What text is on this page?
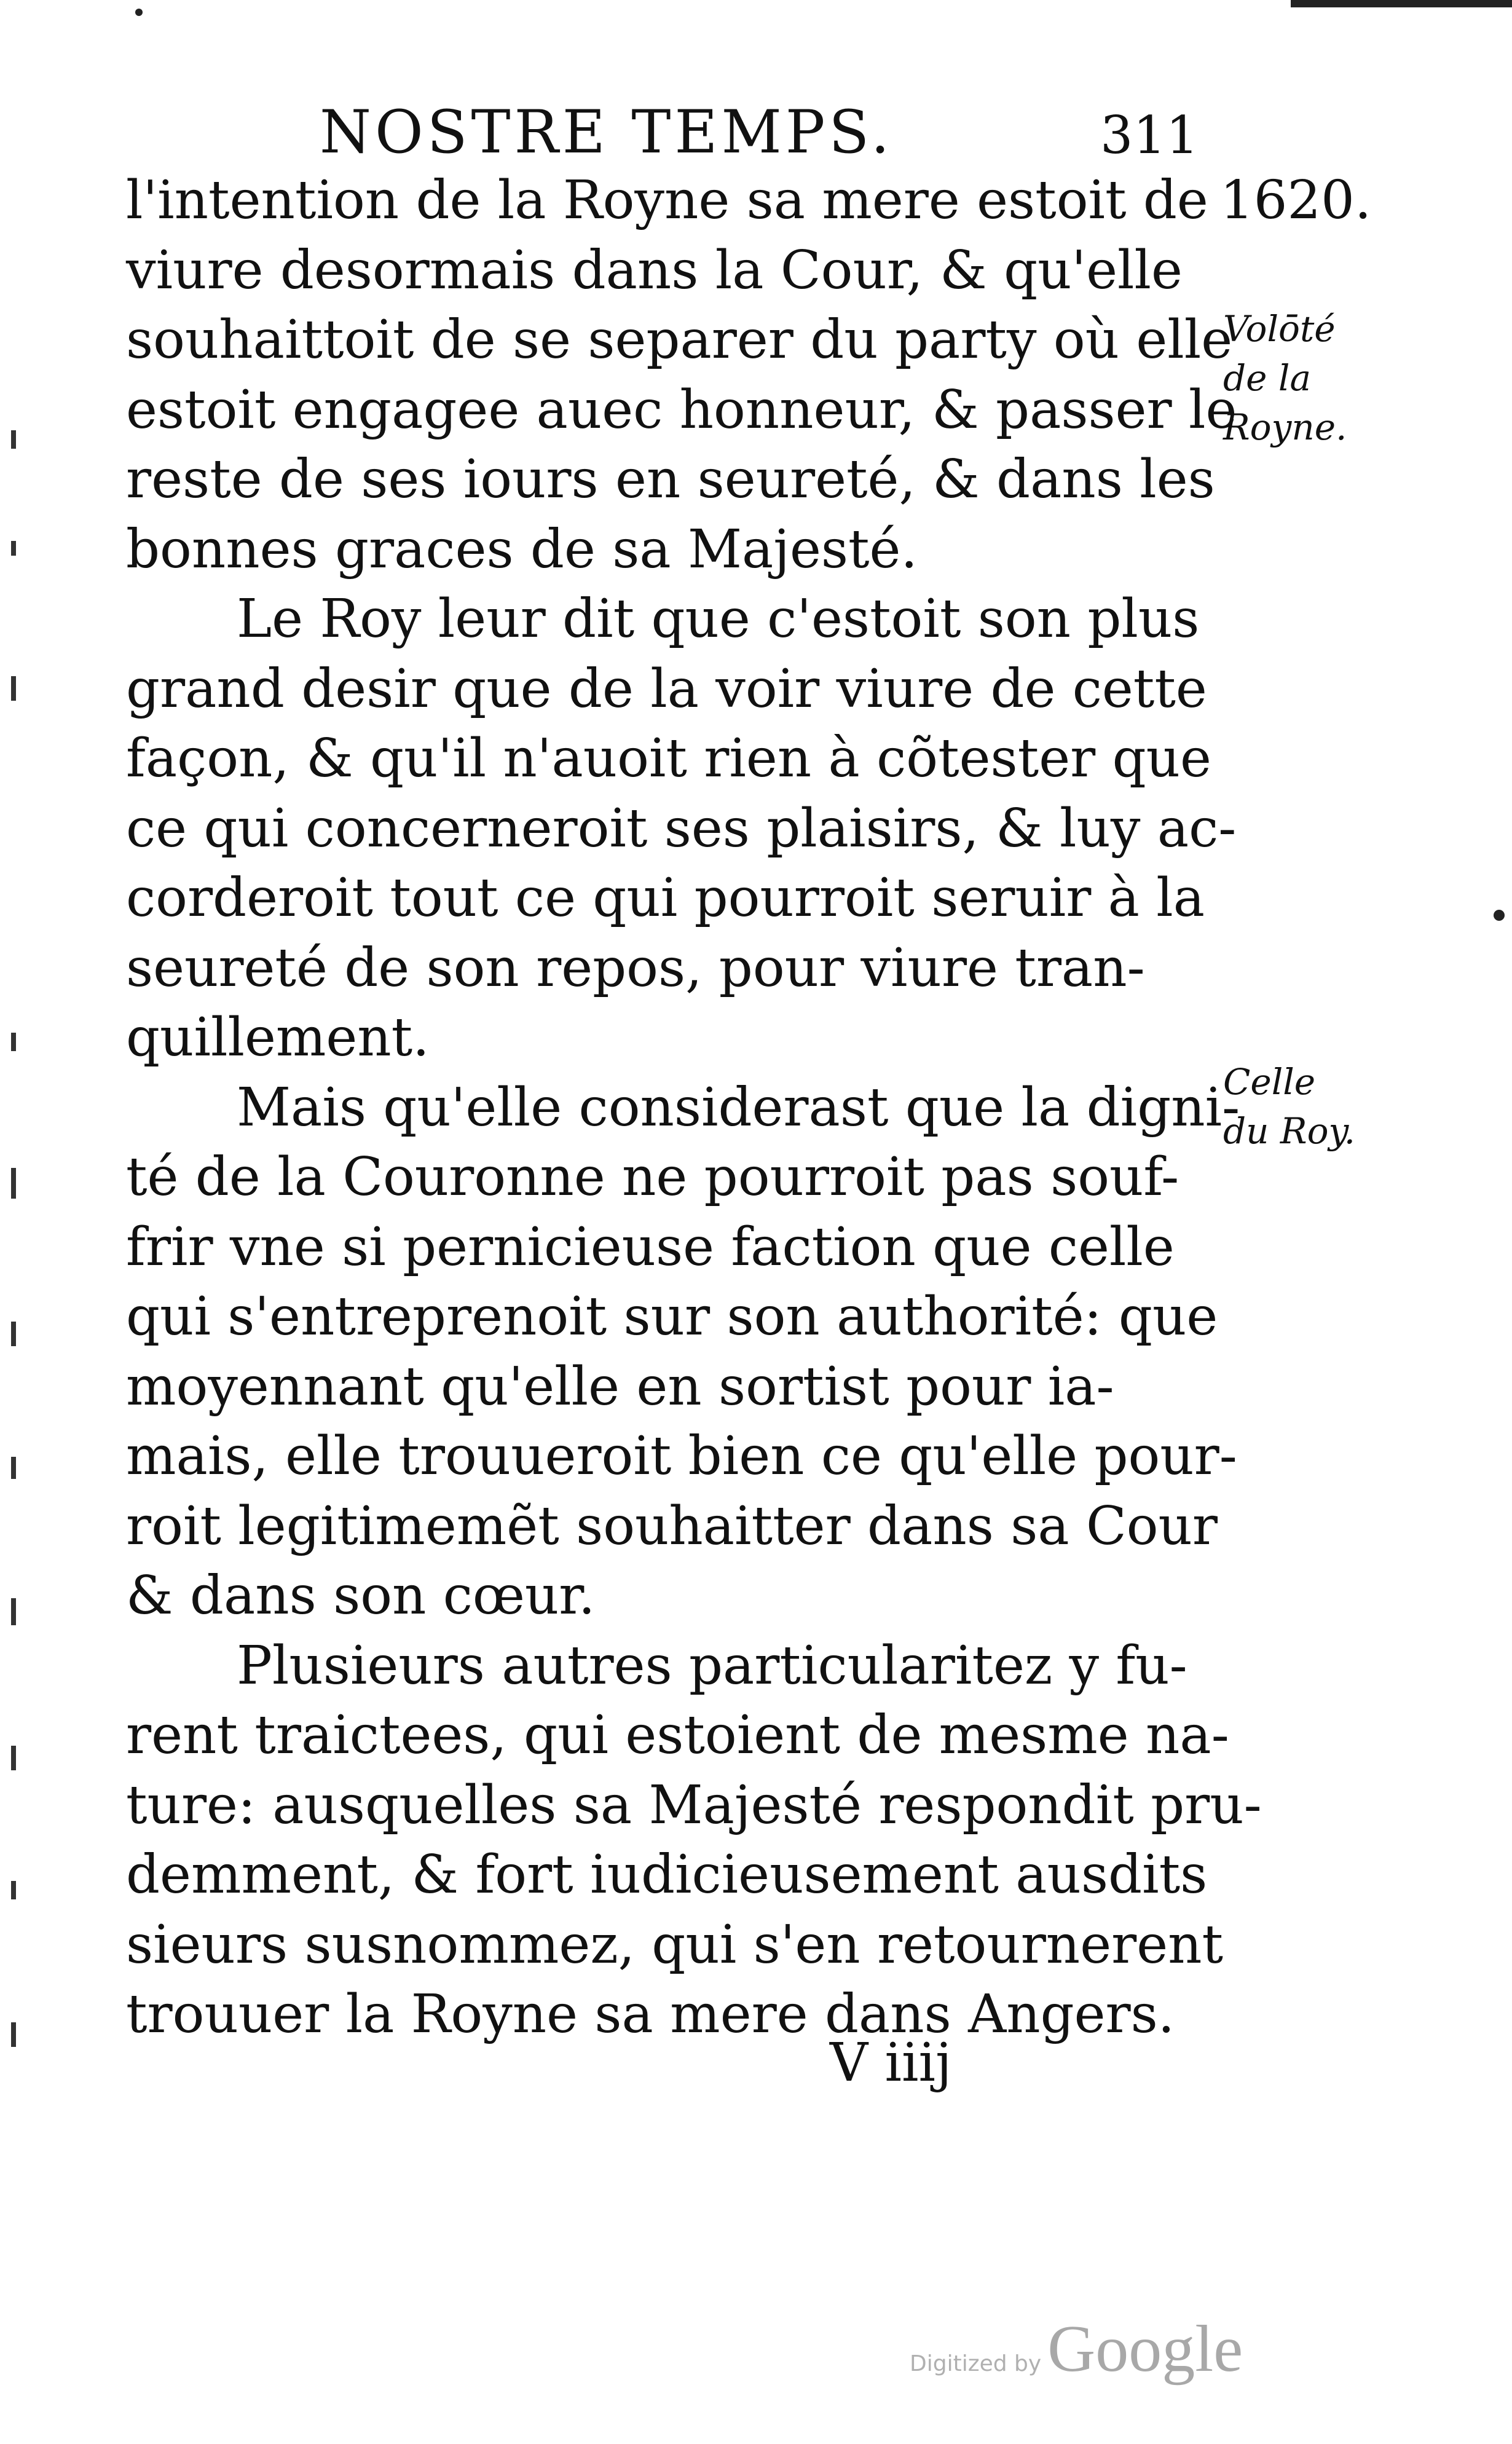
NOSTRE TEMPS.	311
1620.
Volōté
de la
Royne.
Celle
du Roy.
l'intention de la Royne sa mere estoit de
viure desormais dans la Cour, & qu'elle
souhaittoit de se separer du party où elle
estoit engagee auec honneur, & passer le
reste de ses iours en seureté, & dans les
bonnes graces de sa Majesté.
Le Roy leur dit que c'estoit son plus
grand desir que de la voir viure de cette
façon, & qu'il n'auoit rien à cõtester que
ce qui concerneroit ses plaisirs, & luy ac-
corderoit tout ce qui pourroit seruir à la
seureté de son repos, pour viure tran-
quillement.
Mais qu'elle considerast que la digni-
té de la Couronne ne pourroit pas souf-
frir vne si pernicieuse faction que celle
qui s'entreprenoit sur son authorité: que
moyennant qu'elle en sortist pour ia-
mais, elle trouueroit bien ce qu'elle pour-
roit legitimemẽt souhaitter dans sa Cour
& dans son cœur.
Plusieurs autres particularitez y fu-
rent traictees, qui estoient de mesme na-
ture: ausquelles sa Majesté respondit pru-
demment, & fort iudicieusement ausdits
sieurs susnommez, qui s'en retournerent
trouuer la Royne sa mere dans Angers.
V iiij
Digitized by Google
